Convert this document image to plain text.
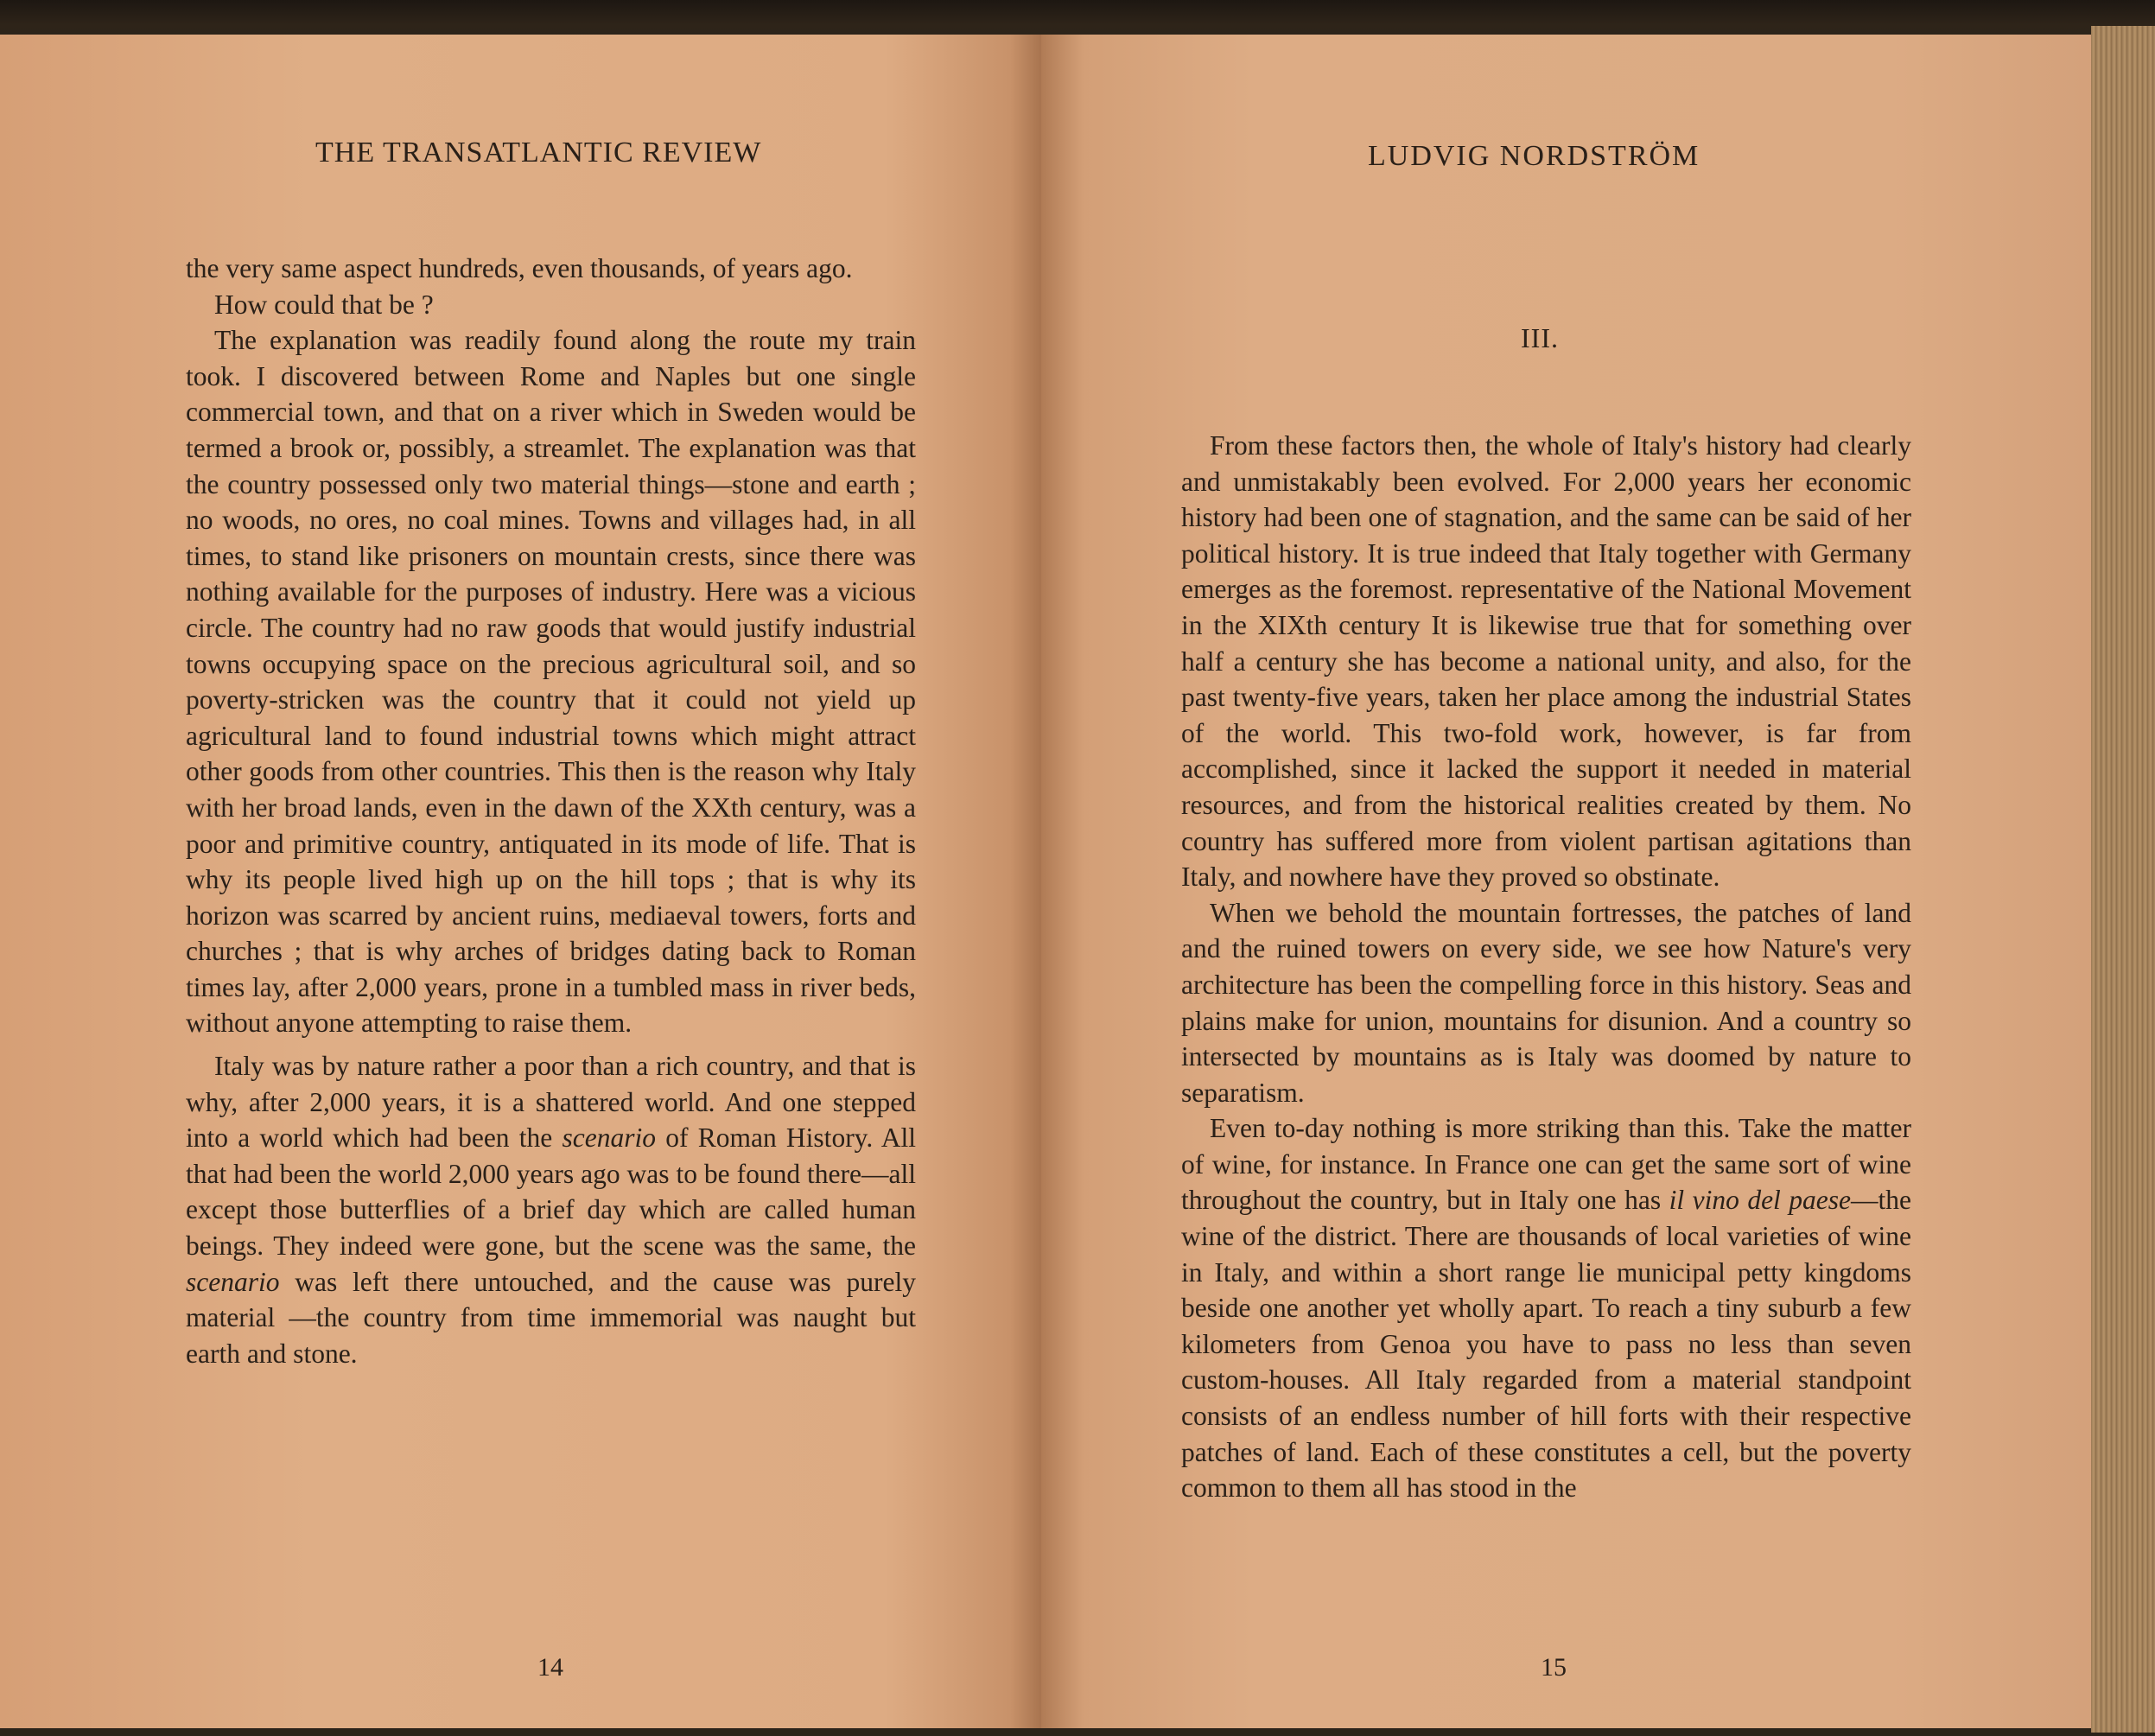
THE TRANSATLANTIC REVIEW

the very same aspect hundreds, even thousands, of years ago.

How could that be ?

The explanation was readily found along the route my train took. I discovered between Rome and Naples but one single commercial town, and that on a river which in Sweden would be termed a brook or, possibly, a streamlet. The explanation was that the country possessed only two material things—stone and earth ; no woods, no ores, no coal mines. Towns and villages had, in all times, to stand like prisoners on mountain crests, since there was nothing available for the purposes of industry. Here was a vicious circle. The country had no raw goods that would justify industrial towns occupying space on the precious agricultural soil, and so poverty-stricken was the country that it could not yield up agricultural land to found industrial towns which might attract other goods from other countries. This then is the reason why Italy with her broad lands, even in the dawn of the XXth century, was a poor and primitive country, antiquated in its mode of life. That is why its people lived high up on the hill tops ; that is why its horizon was scarred by ancient ruins, mediaeval towers, forts and churches ; that is why arches of bridges dating back to Roman times lay, after 2,000 years, prone in a tumbled mass in river beds, without anyone attempting to raise them.

Italy was by nature rather a poor than a rich country, and that is why, after 2,000 years, it is a shattered world. And one stepped into a world which had been the scenario of Roman History. All that had been the world 2,000 years ago was to be found there—all except those butterflies of a brief day which are called human beings. They indeed were gone, but the scene was the same, the scenario was left there untouched, and the cause was purely material —the country from time immemorial was naught but earth and stone.

14
LUDVIG NORDSTRÖM
III.

From these factors then, the whole of Italy's history had clearly and unmistakably been evolved. For 2,000 years her economic history had been one of stagnation, and the same can be said of her political history. It is true indeed that Italy together with Germany emerges as the foremost. representative of the National Movement in the XIXth century It is likewise true that for something over half a century she has become a national unity, and also, for the past twenty-five years, taken her place among the industrial States of the world. This two-fold work, however, is far from accomplished, since it lacked the support it needed in material resources, and from the historical realities created by them. No country has suffered more from violent partisan agitations than Italy, and nowhere have they proved so obstinate.

When we behold the mountain fortresses, the patches of land and the ruined towers on every side, we see how Nature's very architecture has been the compelling force in this history. Seas and plains make for union, mountains for disunion. And a country so intersected by mountains as is Italy was doomed by nature to separatism.

Even to-day nothing is more striking than this. Take the matter of wine, for instance. In France one can get the same sort of wine throughout the country, but in Italy one has il vino del paese—the wine of the district. There are thousands of local varieties of wine in Italy, and within a short range lie municipal petty kingdoms beside one another yet wholly apart. To reach a tiny suburb a few kilometers from Genoa you have to pass no less than seven custom-houses. All Italy regarded from a material standpoint consists of an endless number of hill forts with their respective patches of land. Each of these constitutes a cell, but the poverty common to them all has stood in the

15
